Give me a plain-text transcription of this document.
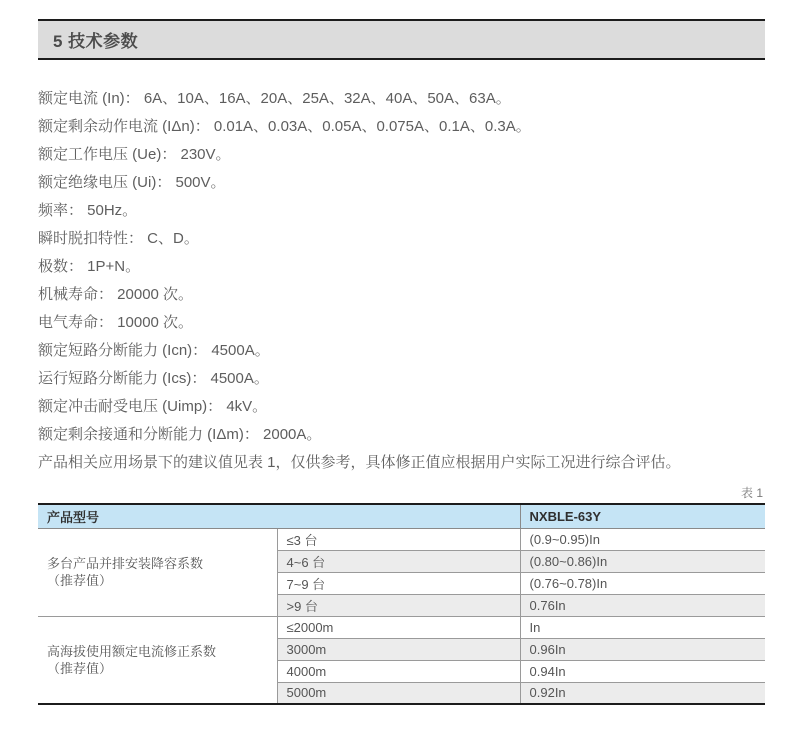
5 技术参数
额定电流 (In)： 6A、10A、16A、20A、25A、32A、40A、50A、63A。
额定剩余动作电流 (IΔn)： 0.01A、0.03A、0.05A、0.075A、0.1A、0.3A。
额定工作电压 (Ue)： 230V。
额定绝缘电压 (Ui)： 500V。
频率： 50Hz。
瞬时脱扣特性： C、D。
极数： 1P+N。
机械寿命： 20000 次。
电气寿命： 10000 次。
额定短路分断能力 (Icn)： 4500A。
运行短路分断能力 (Ics)： 4500A。
额定冲击耐受电压 (Uimp)： 4kV。
额定剩余接通和分断能力 (IΔm)： 2000A。
产品相关应用场景下的建议值见表 1，仅供参考，具体修正值应根据用户实际工况进行综合评估。
表 1
产品型号		NXBLE-63Y

多台产品并排安装降容系数
（推荐值）	≤3 台	(0.9~0.95)In
	4~6 台	(0.80~0.86)In
	7~9 台	(0.76~0.78)In
	>9 台	0.76In

高海拔使用额定电流修正系数
（推荐值）	≤2000m	In
	3000m	0.96In
	4000m	0.94In
	5000m	0.92In
